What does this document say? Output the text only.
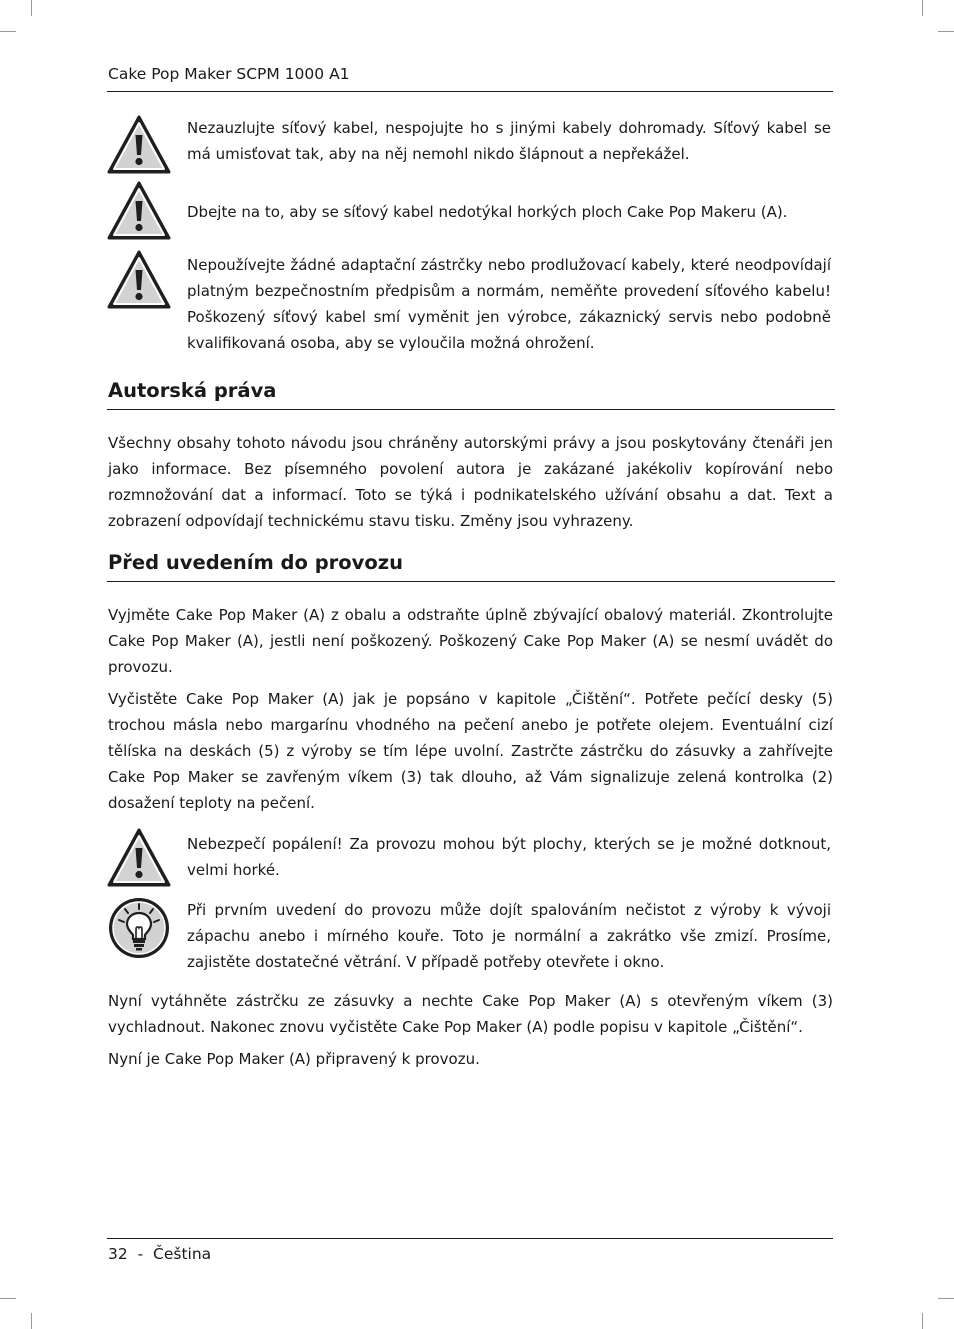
Cake Pop Maker SCPM 1000 A1
Nezauzlujte síťový kabel, nespojujte ho s jinými kabely dohromady. Síťový kabel se má umisťovat tak, aby na něj nemohl nikdo šlápnout a nepřekážel.
Dbejte na to, aby se síťový kabel nedotýkal horkých ploch Cake Pop Makeru (A).
Nepoužívejte žádné adaptační zástrčky nebo prodlužovací kabely, které neodpovídají platným bezpečnostním předpisům a normám, neměňte provedení síťového kabelu! Poškozený síťový kabel smí vyměnit jen výrobce, zákaznický servis nebo podobně kvalifikovaná osoba, aby se vyloučila možná ohrožení.
Autorská práva
Všechny obsahy tohoto návodu jsou chráněny autorskými právy a jsou poskytovány čtenáři jen jako informace. Bez písemného povolení autora je zakázané jakékoliv kopírování nebo rozmnožování dat a informací. Toto se týká i podnikatelského užívání obsahu a dat. Text a zobrazení odpovídají technickému stavu tisku. Změny jsou vyhrazeny.
Před uvedením do provozu
Vyjměte Cake Pop Maker (A) z obalu a odstraňte úplně zbývající obalový materiál. Zkontrolujte Cake Pop Maker (A), jestli není poškozený. Poškozený Cake Pop Maker (A) se nesmí uvádět do provozu.
Vyčistěte Cake Pop Maker (A) jak je popsáno v kapitole „Čištění“. Potřete pečící desky (5) trochou másla nebo margarínu vhodného na pečení anebo je potřete olejem. Eventuální cizí tělíska na deskách (5) z výroby se tím lépe uvolní. Zastrčte zástrčku do zásuvky a zahřívejte Cake Pop Maker se zavřeným víkem (3) tak dlouho, až Vám signalizuje zelená kontrolka (2) dosažení teploty na pečení.
Nebezpečí popálení! Za provozu mohou být plochy, kterých se je možné dotknout, velmi horké.
Při prvním uvedení do provozu může dojít spalováním nečistot z výroby k vývoji zápachu anebo i mírného kouře. Toto je normální a zakrátko vše zmizí. Prosíme, zajistěte dostatečné větrání. V případě potřeby otevřete i okno.
Nyní vytáhněte zástrčku ze zásuvky a nechte Cake Pop Maker (A) s otevřeným víkem (3) vychladnout. Nakonec znovu vyčistěte Cake Pop Maker (A) podle popisu v kapitole „Čištění“.
Nyní je Cake Pop Maker (A) připravený k provozu.
32  -  Čeština
